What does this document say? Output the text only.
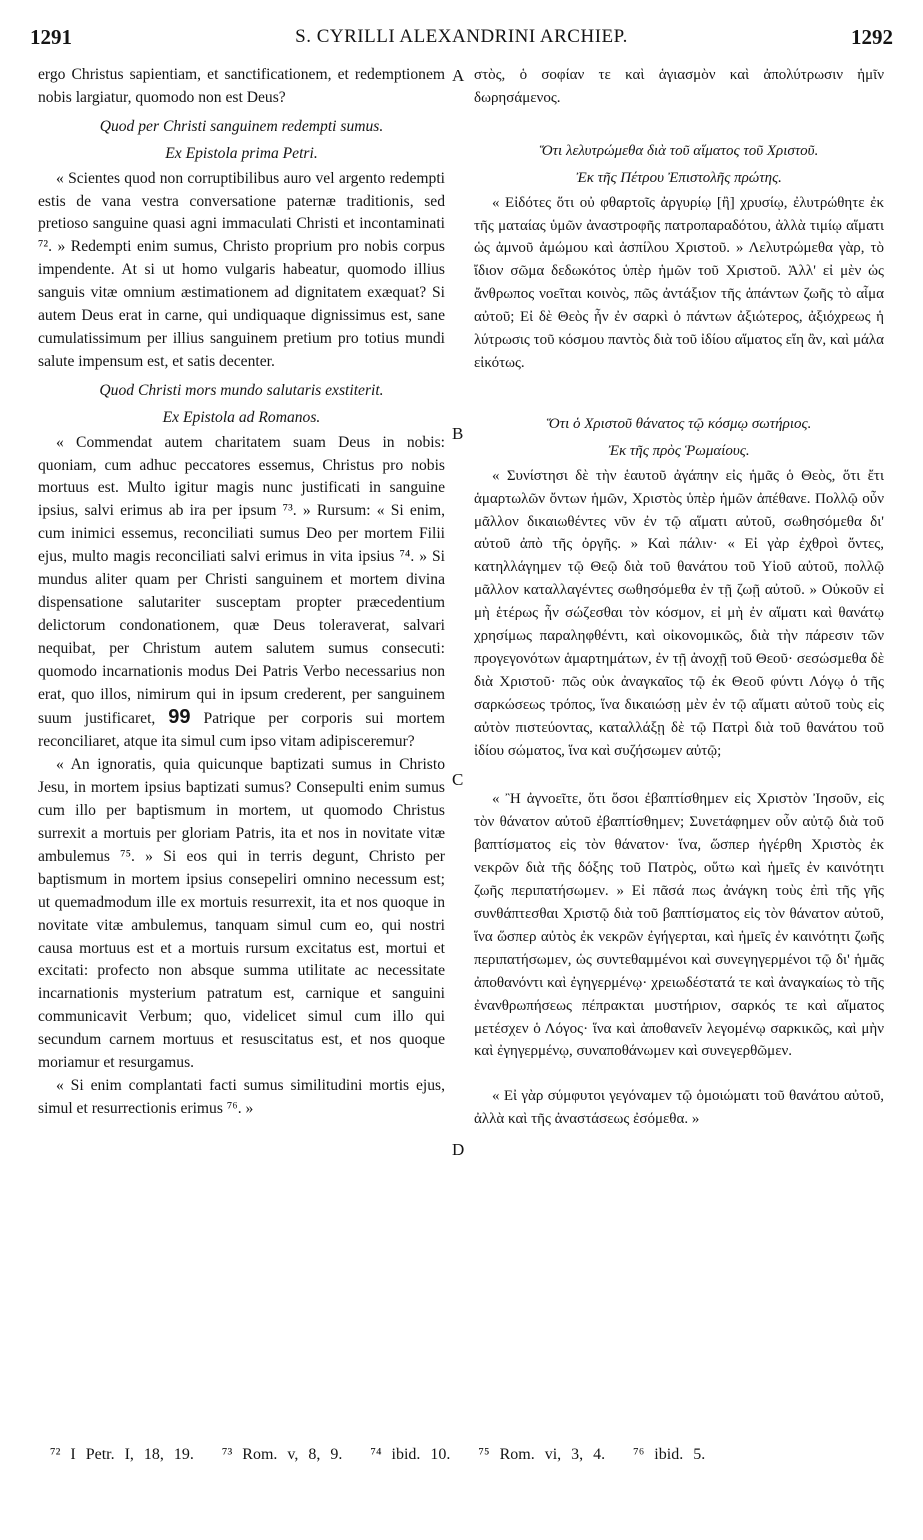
1291	S. CYRILLI ALEXANDRINI ARCHIEP.	1292
A
B
C
D

ergo Christus sapientiam, et sanctificationem, et redemptionem nobis largiatur, quomodo non est Deus?

Quod per Christi sanguinem redempti sumus.

Ex Epistola prima Petri.

« Scientes quod non corruptibilibus auro vel argento redempti estis de vana vestra conversatione paternæ traditionis, sed pretioso sanguine quasi agni immaculati Christi et incontaminati ⁷². » Redempti enim sumus, Christo proprium pro nobis corpus impendente. At si ut homo vulgaris habeatur, quomodo illius sanguis vitæ omnium æstimationem ad dignitatem exæquat? Si autem Deus erat in carne, qui undiquaque dignissimus est, sane cumulatissimum per illius sanguinem pretium pro totius mundi salute impensum est, et satis decenter.

Quod Christi mors mundo salutaris exstiterit.

Ex Epistola ad Romanos.

« Commendat autem charitatem suam Deus in nobis: quoniam, cum adhuc peccatores essemus, Christus pro nobis mortuus est. Multo igitur magis nunc justificati in sanguine ipsius, salvi erimus ab ira per ipsum ⁷³. » Rursum: « Si enim, cum inimici essemus, reconciliati sumus Deo per mortem Filii ejus, multo magis reconciliati salvi erimus in vita ipsius ⁷⁴. » Si mundus aliter quam per Christi sanguinem et mortem divina dispensatione salutariter susceptam propter præcedentium delictorum condonationem, quæ Deus toleraverat, salvari nequibat, per Christum autem salutem sumus consecuti: quomodo incarnationis modus Dei Patris Verbo necessarius non erat, quo illos, nimirum qui in ipsum crederent, per sanguinem suum justificaret, 99 Patrique per corporis sui mortem reconciliaret, atque ita simul cum ipso vitam adipisceremur?

« An ignoratis, quia quicunque baptizati sumus in Christo Jesu, in mortem ipsius baptizati sumus? Consepulti enim sumus cum illo per baptismum in mortem, ut quomodo Christus surrexit a mortuis per gloriam Patris, ita et nos in novitate vitæ ambulemus ⁷⁵. » Si eos qui in terris degunt, Christo per baptismum in mortem ipsius consepeliri omnino necessum est; ut quemadmodum ille ex mortuis resurrexit, ita et nos quoque in novitate vitæ ambulemus, tanquam simul cum eo, qui nostri causa mortuus est et a mortuis rursum excitatus est, mortui et excitati: profecto non absque summa utilitate ac necessitate incarnationis mysterium patratum est, carnique et sanguini communicavit Verbum; quo, videlicet simul cum illo qui secundum carnem mortuus et resuscitatus est, et nos quoque moriamur et resurgamus.

« Si enim complantati facti sumus similitudini mortis ejus, simul et resurrectionis erimus ⁷⁶. »

στὸς, ὁ σοφίαν τε καὶ ἁγιασμὸν καὶ ἀπολύτρωσιν ἡμῖν δωρησάμενος.

Ὅτι λελυτρώμεθα διὰ τοῦ αἵματος τοῦ Χριστοῦ.

Ἐκ τῆς Πέτρου Ἐπιστολῆς πρώτης.

« Εἰδότες ὅτι οὐ φθαρτοῖς ἀργυρίῳ [ἢ] χρυσίῳ, ἐλυτρώθητε ἐκ τῆς ματαίας ὑμῶν ἀναστροφῆς πατροπαραδότου, ἀλλὰ τιμίῳ αἵματι ὡς ἀμνοῦ ἀμώμου καὶ ἀσπίλου Χριστοῦ. » Λελυτρώμεθα γὰρ, τὸ ἴδιον σῶμα δεδωκότος ὑπὲρ ἡμῶν τοῦ Χριστοῦ. Ἀλλ' εἰ μὲν ὡς ἄνθρωπος νοεῖται κοινὸς, πῶς ἀντάξιον τῆς ἁπάντων ζωῆς τὸ αἷμα αὐτοῦ; Εἰ δὲ Θεὸς ἦν ἐν σαρκὶ ὁ πάντων ἀξιώτερος, ἀξιόχρεως ἡ λύτρωσις τοῦ κόσμου παντὸς διὰ τοῦ ἰδίου αἵματος εἴη ἂν, καὶ μάλα εἰκότως.

Ὅτι ὁ Χριστοῦ θάνατος τῷ κόσμῳ σωτήριος.

Ἐκ τῆς πρὸς Ῥωμαίους.

« Συνίστησι δὲ τὴν ἑαυτοῦ ἀγάπην εἰς ἡμᾶς ὁ Θεὸς, ὅτι ἔτι ἁμαρτωλῶν ὄντων ἡμῶν, Χριστὸς ὑπὲρ ἡμῶν ἀπέθανε. Πολλῷ οὖν μᾶλλον δικαιωθέντες νῦν ἐν τῷ αἵματι αὐτοῦ, σωθησόμεθα δι' αὐτοῦ ἀπὸ τῆς ὀργῆς. » Καὶ πάλιν· « Εἰ γὰρ ἐχθροὶ ὄντες, κατηλλάγημεν τῷ Θεῷ διὰ τοῦ θανάτου τοῦ Υἱοῦ αὐτοῦ, πολλῷ μᾶλλον καταλλαγέντες σωθησόμεθα ἐν τῇ ζωῇ αὐτοῦ. » Οὐκοῦν εἰ μὴ ἑτέρως ἦν σώζεσθαι τὸν κόσμον, εἰ μὴ ἐν αἵματι καὶ θανάτῳ χρησίμως παραληφθέντι, καὶ οἰκονομικῶς, διὰ τὴν πάρεσιν τῶν προγεγονότων ἁμαρτημάτων, ἐν τῇ ἀνοχῇ τοῦ Θεοῦ· σεσώσμεθα δὲ διὰ Χριστοῦ· πῶς οὐκ ἀναγκαῖος τῷ ἐκ Θεοῦ φύντι Λόγῳ ὁ τῆς σαρκώσεως τρόπος, ἵνα δικαιώσῃ μὲν ἐν τῷ αἵματι αὐτοῦ τοὺς εἰς αὐτὸν πιστεύοντας, καταλλάξῃ δὲ τῷ Πατρὶ διὰ τοῦ θανάτου τοῦ ἰδίου σώματος, ἵνα καὶ συζήσωμεν αὐτῷ;

« Ἢ ἀγνοεῖτε, ὅτι ὅσοι ἐβαπτίσθημεν εἰς Χριστὸν Ἰησοῦν, εἰς τὸν θάνατον αὐτοῦ ἐβαπτίσθημεν; Συνετάφημεν οὖν αὐτῷ διὰ τοῦ βαπτίσματος εἰς τὸν θάνατον· ἵνα, ὥσπερ ἠγέρθη Χριστὸς ἐκ νεκρῶν διὰ τῆς δόξης τοῦ Πατρὸς, οὕτω καὶ ἡμεῖς ἐν καινότητι ζωῆς περιπατήσωμεν. » Εἰ πᾶσά πως ἀνάγκη τοὺς ἐπὶ τῆς γῆς συνθάπτεσθαι Χριστῷ διὰ τοῦ βαπτίσματος εἰς τὸν θάνατον αὐτοῦ, ἵνα ὥσπερ αὐτὸς ἐκ νεκρῶν ἐγήγερται, καὶ ἡμεῖς ἐν καινότητι ζωῆς περιπατήσωμεν, ὡς συντεθαμμένοι καὶ συνεγηγερμένοι τῷ δι' ἡμᾶς ἀποθανόντι καὶ ἐγηγερμένῳ· χρειωδέστατά τε καὶ ἀναγκαίως τὸ τῆς ἐνανθρωπήσεως πέπρακται μυστήριον, σαρκός τε καὶ αἵματος μετέσχεν ὁ Λόγος· ἵνα καὶ ἀποθανεῖν λεγομένῳ σαρκικῶς, καὶ μὴν καὶ ἐγηγερμένῳ, συναποθάνωμεν καὶ συνεγερθῶμεν.

« Εἰ γὰρ σύμφυτοι γεγόναμεν τῷ ὁμοιώματι τοῦ θανάτου αὐτοῦ, ἀλλὰ καὶ τῆς ἀναστάσεως ἐσόμεθα. »

⁷² I Petr. I, 18, 19. ⁷³ Rom. v, 8, 9. ⁷⁴ ibid. 10. ⁷⁵ Rom. vi, 3, 4. ⁷⁶ ibid. 5.
